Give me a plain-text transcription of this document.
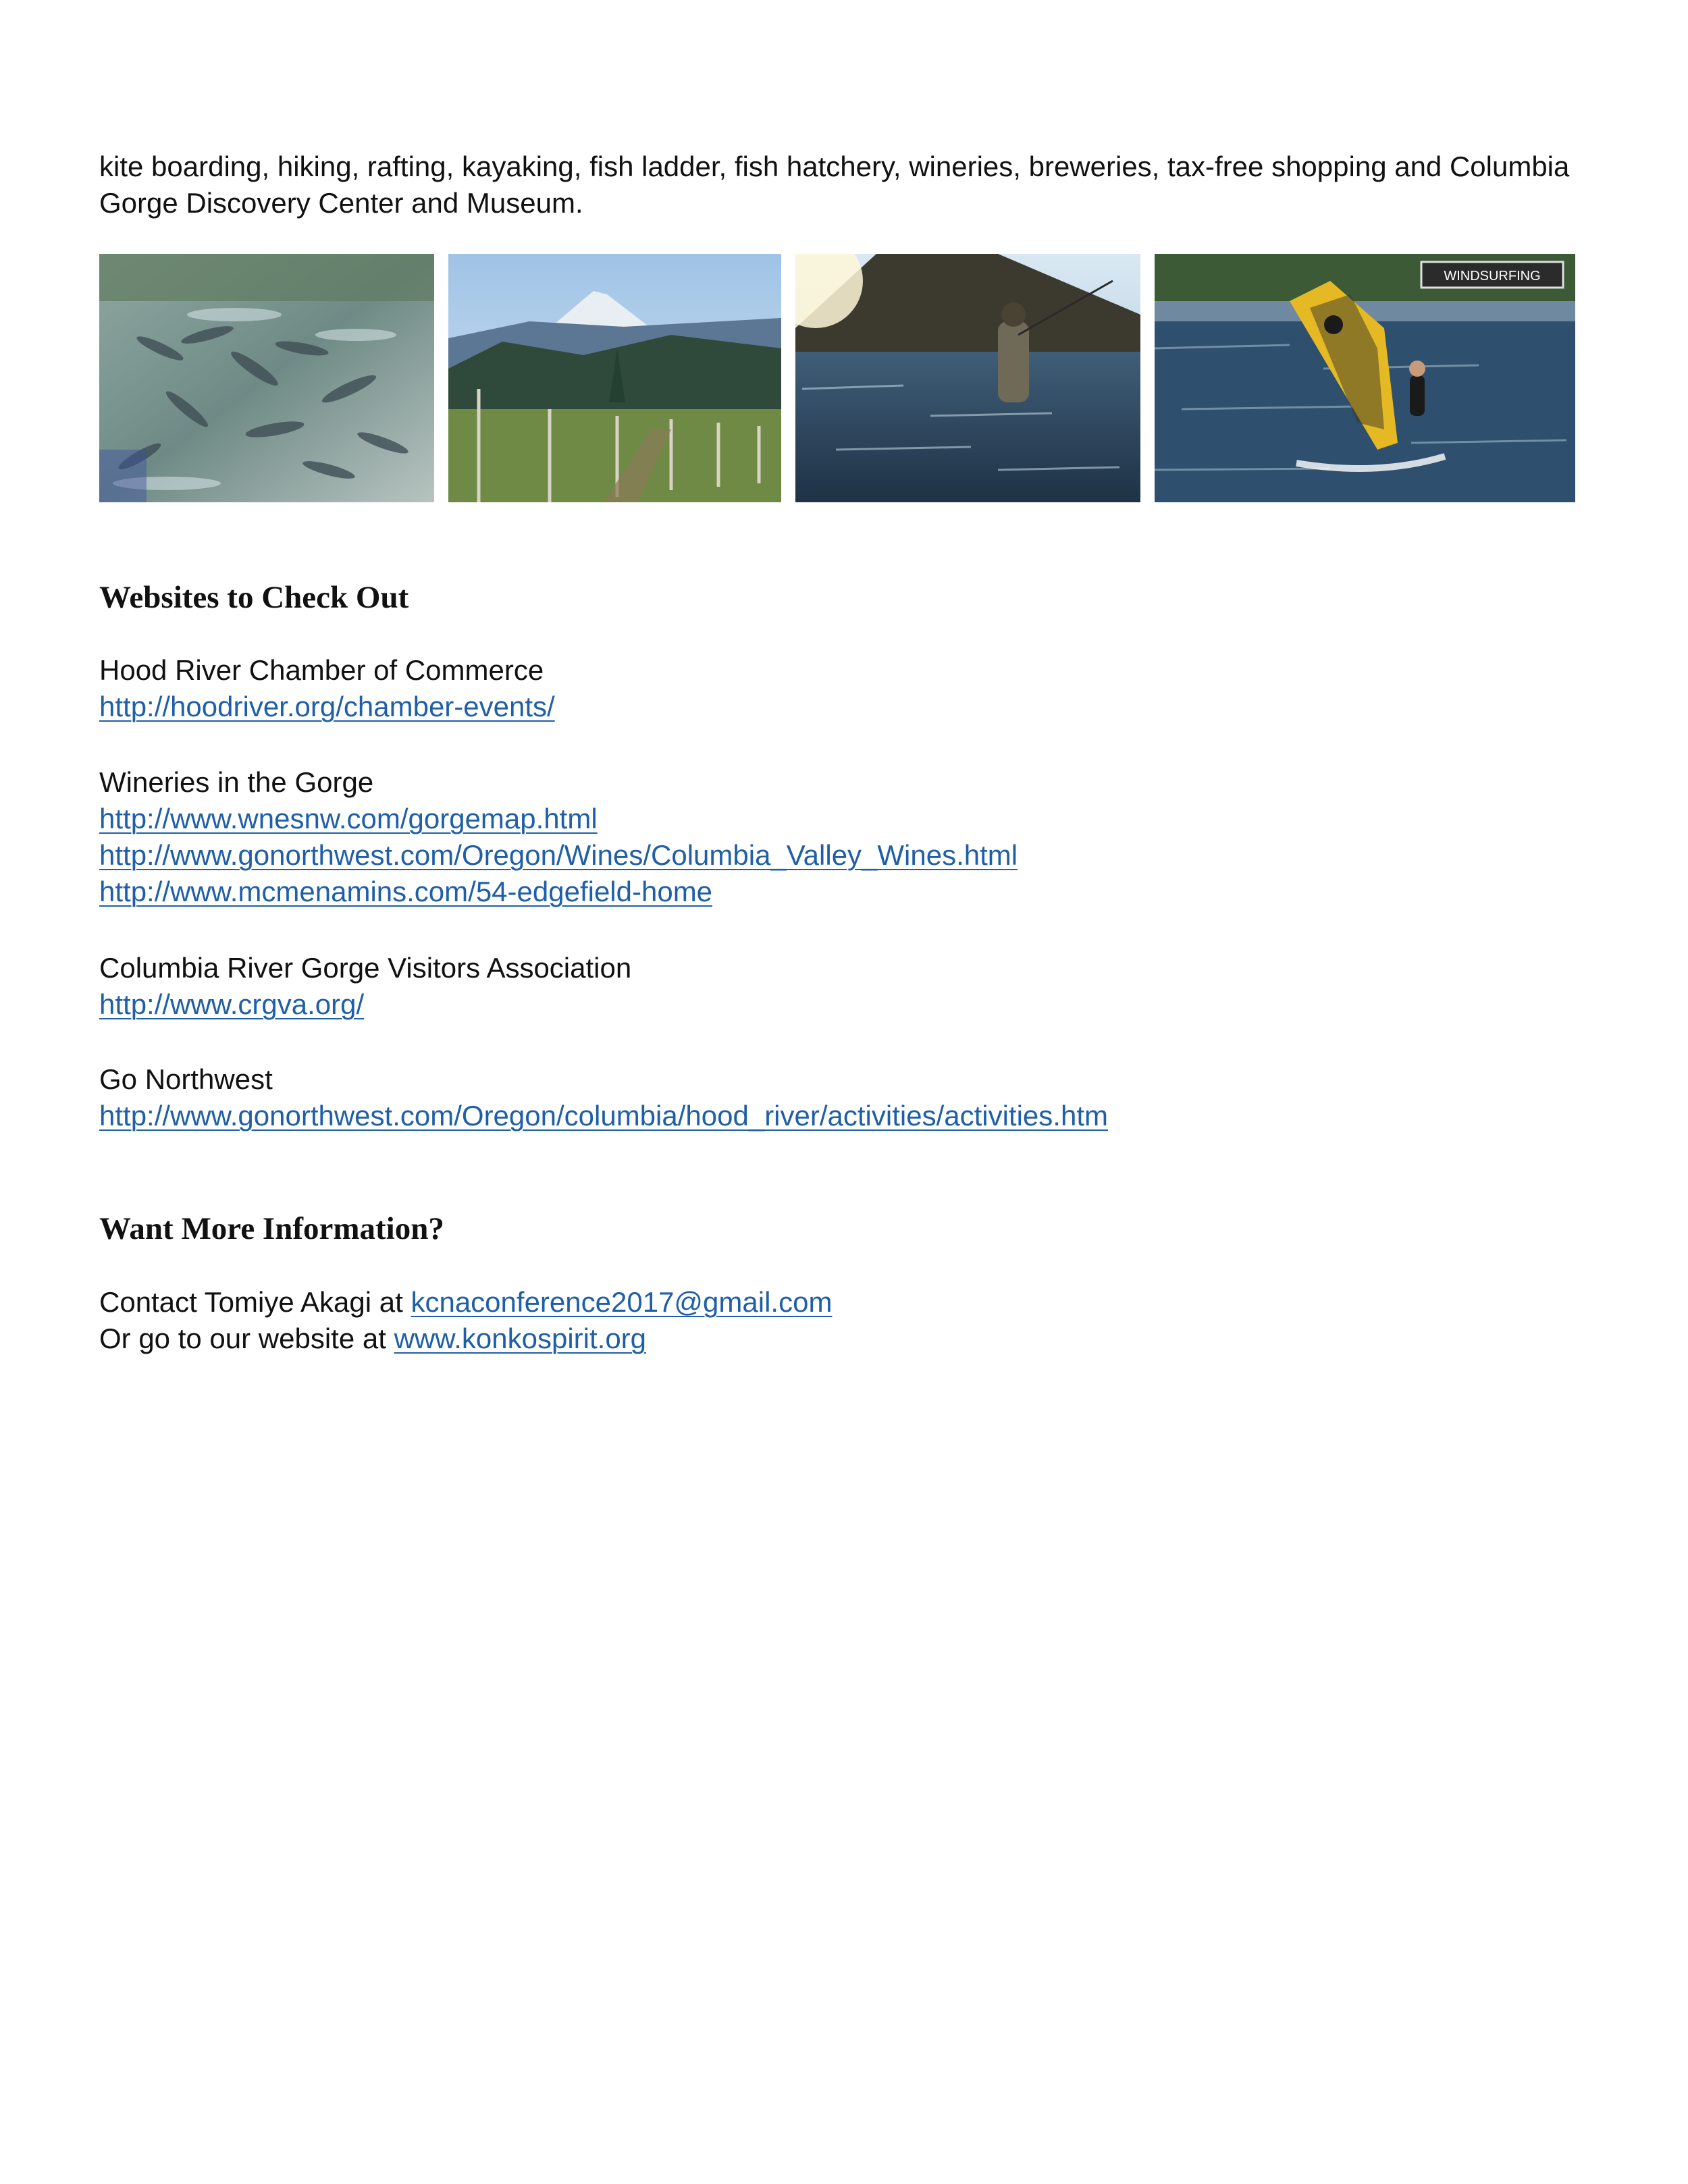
kite boarding, hiking, rafting, kayaking, fish ladder, fish hatchery, wineries, breweries, tax-free shopping and Columbia
Gorge Discovery Center and Museum.
WINDSURFING
Websites to Check Out
Hood River Chamber of Commerce
http://hoodriver.org/chamber-events/
Wineries in the Gorge
http://www.wnesnw.com/gorgemap.html
http://www.gonorthwest.com/Oregon/Wines/Columbia_Valley_Wines.html
http://www.mcmenamins.com/54-edgefield-home
Columbia River Gorge Visitors Association
http://www.crgva.org/
Go Northwest
http://www.gonorthwest.com/Oregon/columbia/hood_river/activities/activities.htm
Want More Information?
Contact Tomiye Akagi at kcnaconference2017@gmail.com
Or go to our website at www.konkospirit.org
